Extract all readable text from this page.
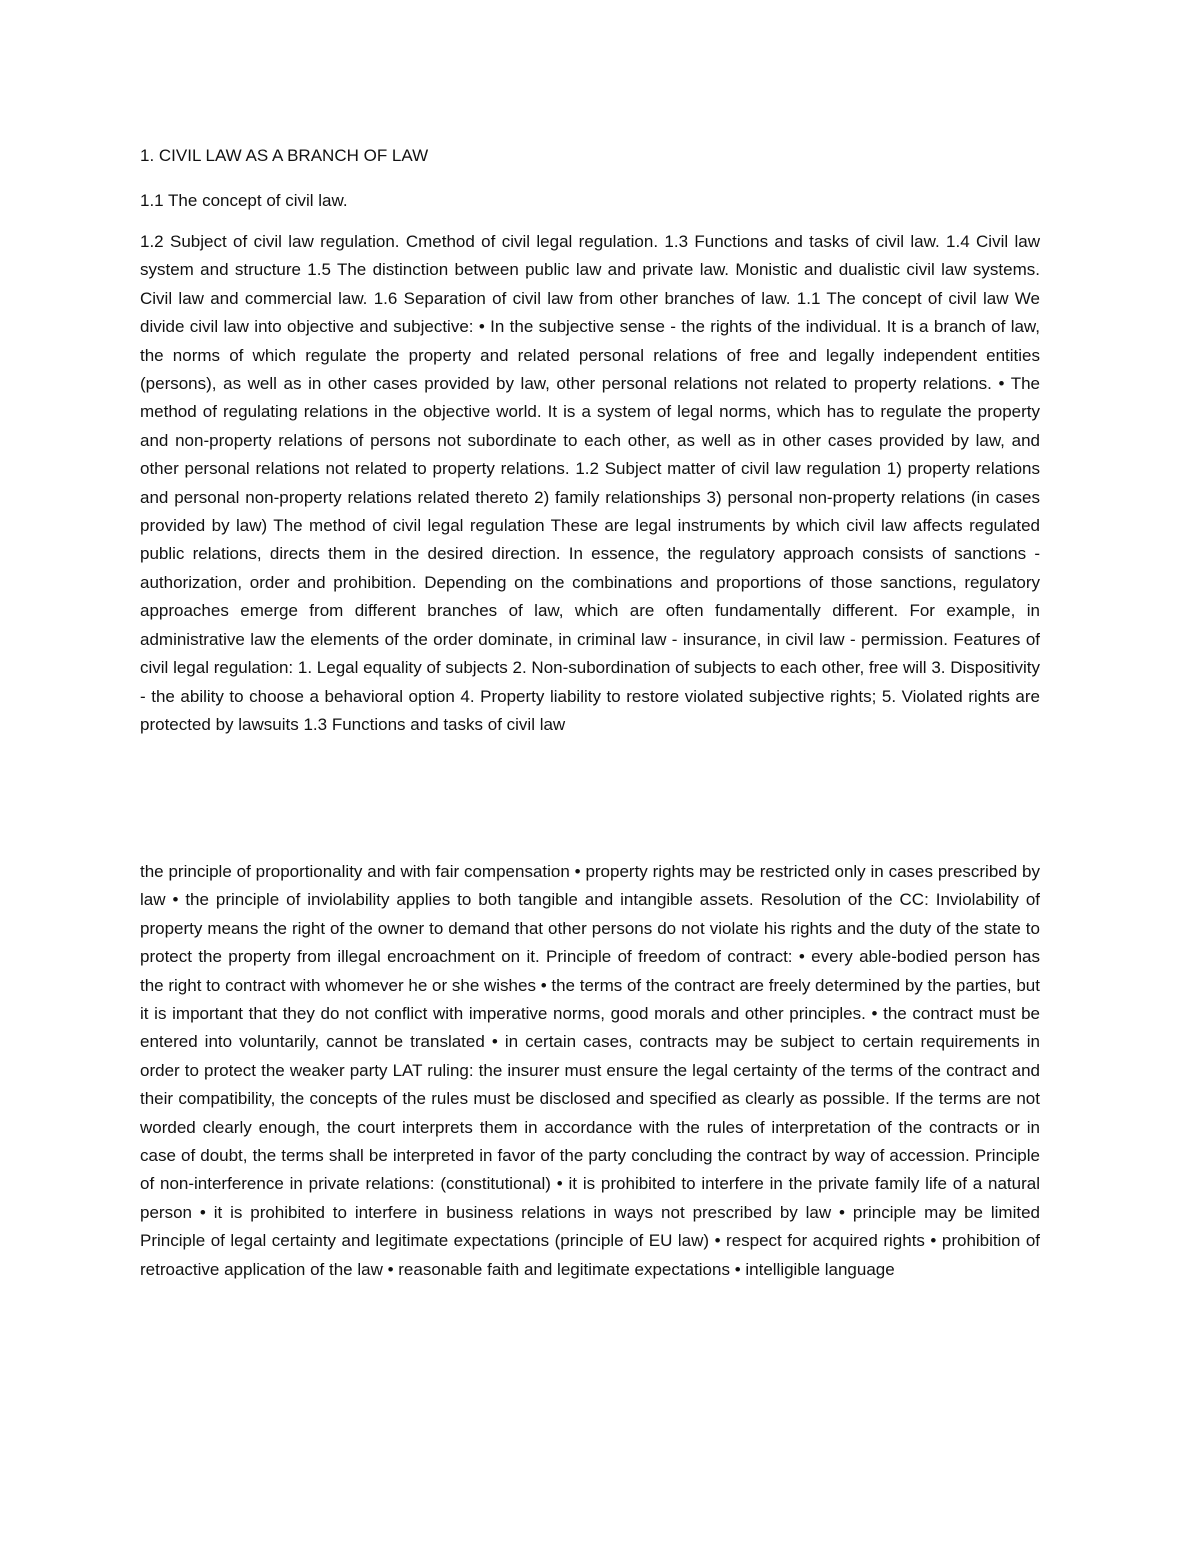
1. CIVIL LAW AS A BRANCH OF LAW
1.1 The concept of civil law.

1.2 Subject of civil law regulation. Cmethod of civil legal regulation. 1.3 Functions and tasks of civil law. 1.4 Civil law system and structure 1.5 The distinction between public law and private law. Monistic and dualistic civil law systems. Civil law and commercial law. 1.6 Separation of civil law from other branches of law. 1.1 The concept of civil law We divide civil law into objective and subjective: • In the subjective sense - the rights of the individual. It is a branch of law, the norms of which regulate the property and related personal relations of free and legally independent entities (persons), as well as in other cases provided by law, other personal relations not related to property relations. • The method of regulating relations in the objective world. It is a system of legal norms, which has to regulate the property and non-property relations of persons not subordinate to each other, as well as in other cases provided by law, and other personal relations not related to property relations. 1.2 Subject matter of civil law regulation 1) property relations and personal non-property relations related thereto 2) family relationships 3) personal non-property relations (in cases provided by law) The method of civil legal regulation These are legal instruments by which civil law affects regulated public relations, directs them in the desired direction. In essence, the regulatory approach consists of sanctions - authorization, order and prohibition. Depending on the combinations and proportions of those sanctions, regulatory approaches emerge from different branches of law, which are often fundamentally different. For example, in administrative law the elements of the order dominate, in criminal law - insurance, in civil law - permission. Features of civil legal regulation: 1. Legal equality of subjects 2. Non-subordination of subjects to each other, free will 3. Dispositivity - the ability to choose a behavioral option 4. Property liability to restore violated subjective rights; 5. Violated rights are protected by lawsuits 1.3 Functions and tasks of civil law

the principle of proportionality and with fair compensation • property rights may be restricted only in cases prescribed by law • the principle of inviolability applies to both tangible and intangible assets. Resolution of the CC: Inviolability of property means the right of the owner to demand that other persons do not violate his rights and the duty of the state to protect the property from illegal encroachment on it. Principle of freedom of contract: • every able-bodied person has the right to contract with whomever he or she wishes • the terms of the contract are freely determined by the parties, but it is important that they do not conflict with imperative norms, good morals and other principles. • the contract must be entered into voluntarily, cannot be translated • in certain cases, contracts may be subject to certain requirements in order to protect the weaker party LAT ruling: the insurer must ensure the legal certainty of the terms of the contract and their compatibility, the concepts of the rules must be disclosed and specified as clearly as possible. If the terms are not worded clearly enough, the court interprets them in accordance with the rules of interpretation of the contracts or in case of doubt, the terms shall be interpreted in favor of the party concluding the contract by way of accession. Principle of non-interference in private relations: (constitutional) • it is prohibited to interfere in the private family life of a natural person • it is prohibited to interfere in business relations in ways not prescribed by law • principle may be limited Principle of legal certainty and legitimate expectations (principle of EU law) • respect for acquired rights • prohibition of retroactive application of the law • reasonable faith and legitimate expectations • intelligible language
